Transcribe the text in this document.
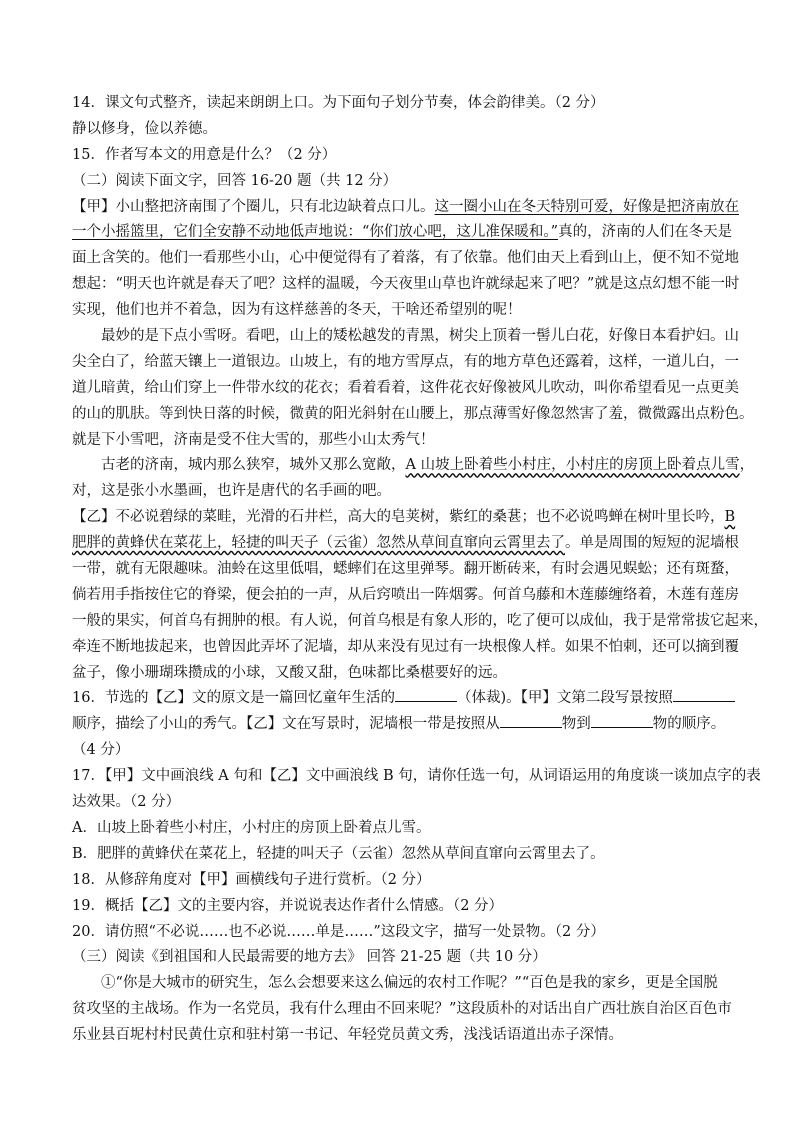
14．课文句式整齐，读起来朗朗上口。为下面句子划分节奏，体会韵律美。（2 分）
静以修身，俭以养德。
15．作者写本文的用意是什么？（2 分）
（二）阅读下面文字，回答 16-20 题（共 12 分）
【甲】小山整把济南围了个圈儿，只有北边缺着点口儿。这一圈小山在冬天特别可爱，好像是把济南放在
一个小摇篮里，它们全安静不动地低声地说：“你们放心吧，这儿准保暖和。”真的，济南的人们在冬天是
面上含笑的。他们一看那些小山，心中便觉得有了着落，有了依靠。他们由天上看到山上，便不知不觉地
想起：“明天也许就是春天了吧？这样的温暖，今天夜里山草也许就绿起来了吧？”就是这点幻想不能一时
实现，他们也并不着急，因为有这样慈善的冬天，干啥还希望别的呢！
最妙的是下点小雪呀。看吧，山上的矮松越发的青黑，树尖上顶着一髻儿白花，好像日本看护妇。山
尖全白了，给蓝天镶上一道银边。山坡上，有的地方雪厚点，有的地方草色还露着，这样，一道儿白，一
道儿暗黄，给山们穿上一件带水纹的花衣；看着看着，这件花衣好像被风儿吹动，叫你希望看见一点更美
的山的肌肤。等到快日落的时候，微黄的阳光斜射在山腰上，那点薄雪好像忽然害了羞，微微露出点粉色。
就是下小雪吧，济南是受不住大雪的，那些小山太秀气！
古老的济南，城内那么狭窄，城外又那么宽敞，A 山坡上卧着些小村庄，小村庄的房顶上卧着点儿雪，
对，这是张小水墨画，也许是唐代的名手画的吧。
【乙】不必说碧绿的菜畦，光滑的石井栏，高大的皂荚树，紫红的桑葚；也不必说鸣蝉在树叶里长吟，B
肥胖的黄蜂伏在菜花上，轻捷的叫天子（云雀）忽然从草间直窜向云霄里去了。单是周围的短短的泥墙根
一带，就有无限趣味。油蛉在这里低唱，蟋蟀们在这里弹琴。翻开断砖来，有时会遇见蜈蚣；还有斑蝥，
倘若用手指按住它的脊梁，便会拍的一声，从后窍喷出一阵烟雾。何首乌藤和木莲藤缠络着，木莲有莲房
一般的果实，何首乌有拥肿的根。有人说，何首乌根是有象人形的，吃了便可以成仙，我于是常常拔它起来，
牵连不断地拔起来，也曾因此弄坏了泥墙，却从来没有见过有一块根像人样。如果不怕刺，还可以摘到覆
盆子，像小珊瑚珠攒成的小球，又酸又甜，色味都比桑椹要好的远。
16．节选的【乙】文的原文是一篇回忆童年生活的	（体裁)。【甲】文第二段写景按照
顺序，描绘了小山的秀气。【乙】文在写景时，泥墙根一带是按照从	物到	物的顺序。
（4 分）
17．【甲】文中画浪线 A 句和【乙】文中画浪线 B 句，请你任选一句，从词语运用的角度谈一谈加点字的表
达效果。（2 分）
A．山坡上卧着些小村庄，小村庄的房顶上卧着点儿雪。
B．肥胖的黄蜂伏在菜花上，轻捷的叫天子（云雀）忽然从草间直窜向云霄里去了。
18．从修辞角度对【甲】画横线句子进行赏析。（2 分）
19．概括【乙】文的主要内容，并说说表达作者什么情感。（2 分）
20．请仿照“不必说……也不必说……单是……”这段文字，描写一处景物。（2 分）
（三）阅读《到祖国和人民最需要的地方去》 回答 21-25 题（共 10 分）
①“你是大城市的研究生，怎么会想要来这么偏远的农村工作呢？”“百色是我的家乡，更是全国脱
贫攻坚的主战场。作为一名党员，我有什么理由不回来呢？”这段质朴的对话出自广西壮族自治区百色市
乐业县百坭村村民黄仕京和驻村第一书记、年轻党员黄文秀，浅浅话语道出赤子深情。
